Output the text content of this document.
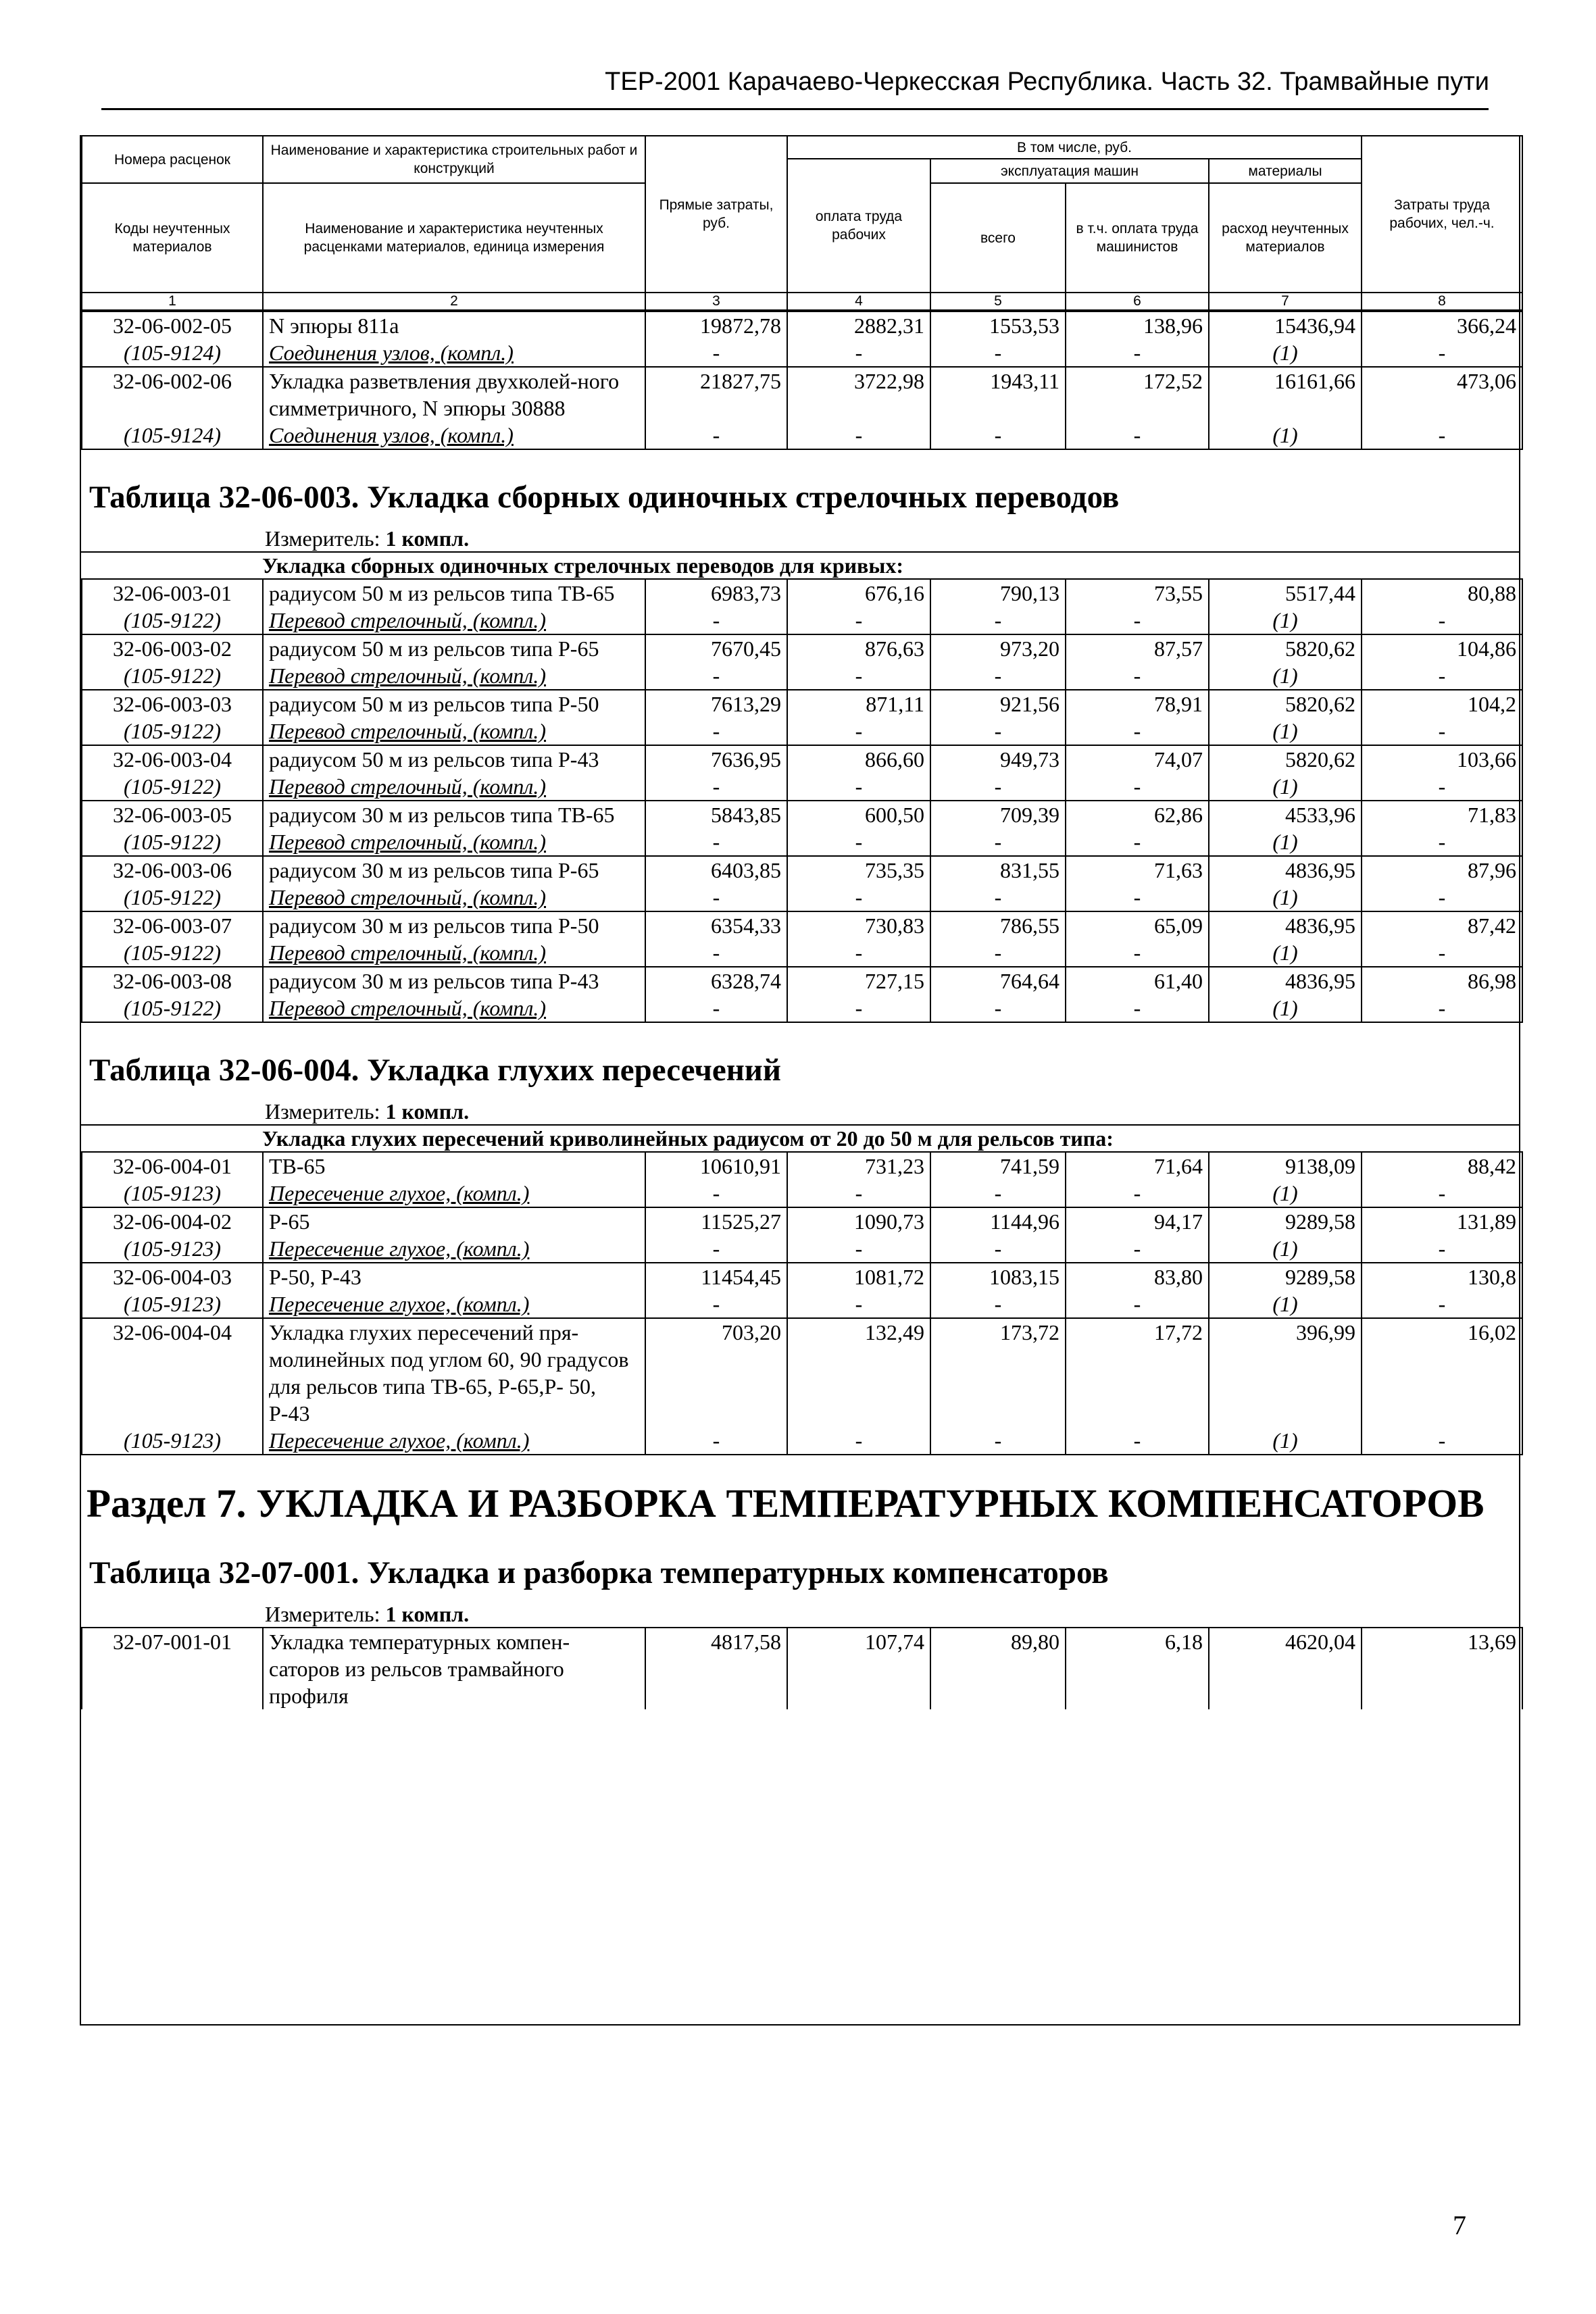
ТЕР-2001 Карачаево-Черкесская Республика. Часть 32. Трамвайные пути
Номера расценок	Наименование и характеристика строительных работ и конструкций	Прямые затраты, руб.	В том числе, руб.				Затраты труда рабочих, чел.-ч.
			оплата труда рабочих	эксплуатация машин		материалы	
Коды неучтенных материалов	Наименование и характеристика неучтенных расценками материалов, единица измерения			всего	в т.ч. оплата труда машинистов	расход неучтенных материалов	

1	2	3	4	5	6	7	8
32-06-002-05	N эпюры 811а	19872,78	2882,31	1553,53	138,96	15436,94	366,24
(105-9124)	Соединения узлов, (компл.)	-	-	-	-	(1)	-
32-06-002-06	Укладка разветвления двухколей-ного симметричного, N эпюры 30888	21827,75	3722,98	1943,11	172,52	16161,66	473,06
(105-9124)	Соединения узлов, (компл.)	-	-	-	-	(1)	-
Таблица 32-06-003. Укладка сборных одиночных стрелочных переводов
Измеритель: 1 компл.
Укладка сборных одиночных стрелочных переводов для кривых:
32-06-003-01	радиусом 50 м из рельсов типа ТВ-65	6983,73	676,16	790,13	73,55	5517,44	80,88
(105-9122)	Перевод стрелочный, (компл.)	-	-	-	-	(1)	-
32-06-003-02	радиусом 50 м из рельсов типа Р-65	7670,45	876,63	973,20	87,57	5820,62	104,86
(105-9122)	Перевод стрелочный, (компл.)	-	-	-	-	(1)	-
32-06-003-03	радиусом 50 м из рельсов типа Р-50	7613,29	871,11	921,56	78,91	5820,62	104,2
(105-9122)	Перевод стрелочный, (компл.)	-	-	-	-	(1)	-
32-06-003-04	радиусом 50 м из рельсов типа Р-43	7636,95	866,60	949,73	74,07	5820,62	103,66
(105-9122)	Перевод стрелочный, (компл.)	-	-	-	-	(1)	-
32-06-003-05	радиусом 30 м из рельсов типа ТВ-65	5843,85	600,50	709,39	62,86	4533,96	71,83
(105-9122)	Перевод стрелочный, (компл.)	-	-	-	-	(1)	-
32-06-003-06	радиусом 30 м из рельсов типа Р-65	6403,85	735,35	831,55	71,63	4836,95	87,96
(105-9122)	Перевод стрелочный, (компл.)	-	-	-	-	(1)	-
32-06-003-07	радиусом 30 м из рельсов типа Р-50	6354,33	730,83	786,55	65,09	4836,95	87,42
(105-9122)	Перевод стрелочный, (компл.)	-	-	-	-	(1)	-
32-06-003-08	радиусом 30 м из рельсов типа Р-43	6328,74	727,15	764,64	61,40	4836,95	86,98
(105-9122)	Перевод стрелочный, (компл.)	-	-	-	-	(1)	-
Таблица 32-06-004. Укладка глухих пересечений
Измеритель: 1 компл.
Укладка глухих пересечений криволинейных радиусом от 20 до 50 м для рельсов типа:
32-06-004-01	ТВ-65	10610,91	731,23	741,59	71,64	9138,09	88,42
(105-9123)	Пересечение глухое, (компл.)	-	-	-	-	(1)	-
32-06-004-02	Р-65	11525,27	1090,73	1144,96	94,17	9289,58	131,89
(105-9123)	Пересечение глухое, (компл.)	-	-	-	-	(1)	-
32-06-004-03	Р-50, Р-43	11454,45	1081,72	1083,15	83,80	9289,58	130,8
(105-9123)	Пересечение глухое, (компл.)	-	-	-	-	(1)	-
32-06-004-04	Укладка глухих пересечений пря-молинейных под углом 60, 90 градусов для рельсов типа ТВ-65, Р-65,Р- 50, Р-43	703,20	132,49	173,72	17,72	396,99	16,02
(105-9123)	Пересечение глухое, (компл.)	-	-	-	-	(1)	-
Раздел 7. УКЛАДКА И РАЗБОРКА ТЕМПЕРАТУРНЫХ КОМПЕНСАТОРОВ
Таблица 32-07-001. Укладка и разборка температурных компенсаторов
Измеритель: 1 компл.
32-07-001-01	Укладка температурных компен-саторов из рельсов трамвайного профиля	4817,58	107,74	89,80	6,18	4620,04	13,69
7
